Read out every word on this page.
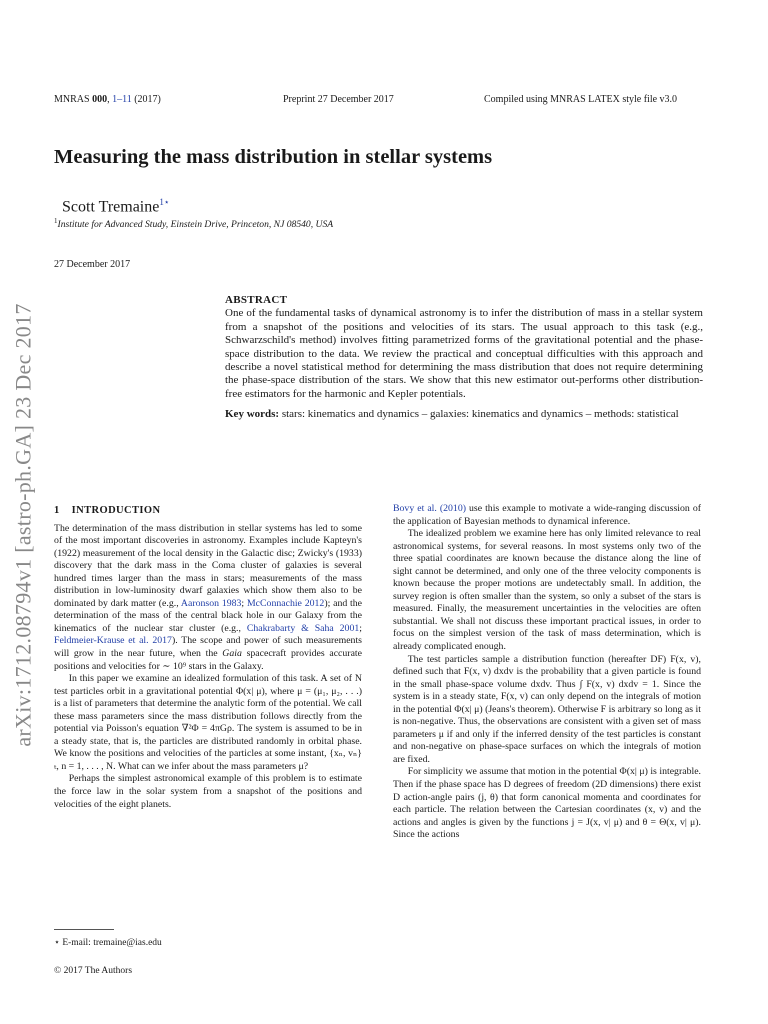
MNRAS 000, 1–11 (2017)	Preprint 27 December 2017	Compiled using MNRAS LATEX style file v3.0
Measuring the mass distribution in stellar systems
Scott Tremaine$^{1⋆}$
$^1$Institute for Advanced Study, Einstein Drive, Princeton, NJ 08540, USA
27 December 2017
arXiv:1712.08794v1 [astro-ph.GA] 23 Dec 2017
ABSTRACT

One of the fundamental tasks of dynamical astronomy is to infer the distribution of mass in a stellar system from a snapshot of the positions and velocities of its stars. The usual approach to this task (e.g., Schwarzschild's method) involves fitting parametrized forms of the gravitational potential and the phase-space distribution to the data. We review the practical and conceptual difficulties with this approach and describe a novel statistical method for determining the mass distribution that does not require determining the phase-space distribution of the stars. We show that this new estimator out-performs other distribution-free estimators for the harmonic and Kepler potentials.

Key words: stars: kinematics and dynamics – galaxies: kinematics and dynamics – methods: statistical

1 INTRODUCTION

The determination of the mass distribution in stellar systems has led to some of the most important discoveries in astronomy. Examples include Kapteyn's (1922) measurement of the local density in the Galactic disc; Zwicky's (1933) discovery that the dark mass in the Coma cluster of galaxies is several hundred times larger than the mass in stars; measurements of the mass distribution in low-luminosity dwarf galaxies which show them also to be dominated by dark matter (e.g., Aaronson 1983; McConnachie 2012); and the determination of the mass of the central black hole in our Galaxy from the kinematics of the nuclear star cluster (e.g., Chakrabarty & Saha 2001; Feldmeier-Krause et al. 2017). The scope and power of such measurements will grow in the near future, when the Gaia spacecraft provides accurate positions and velocities for ∼ 10⁹ stars in the Galaxy.

In this paper we examine an idealized formulation of this task. A set of N test particles orbit in a gravitational potential Φ(x| μ), where μ = (μ₁, μ₂, . . .) is a list of parameters that determine the analytic form of the potential. We call these mass parameters since the mass distribution follows directly from the potential via Poisson's equation ∇²Φ = 4πGρ. The system is assumed to be in a steady state, that is, the particles are distributed randomly in orbital phase. We know the positions and velocities of the particles at some instant, {xₙ, vₙ}ₜ, n = 1, . . . , N. What can we infer about the mass parameters μ?

Perhaps the simplest astronomical example of this problem is to estimate the force law in the solar system from a snapshot of the positions and velocities of the eight planets.

Bovy et al. (2010) use this example to motivate a wide-ranging discussion of the application of Bayesian methods to dynamical inference.

The idealized problem we examine here has only limited relevance to real astronomical systems, for several reasons. In most systems only two of the three spatial coordinates are known because the distance along the line of sight cannot be determined, and only one of the three velocity components is known because the proper motions are undetectably small. In addition, the survey region is often smaller than the system, so only a subset of the stars is measured. Finally, the measurement uncertainties in the velocities are often substantial. We shall not discuss these important practical issues, in order to focus on the simplest version of the task of mass determination, which is already complicated enough.

The test particles sample a distribution function (hereafter DF) F(x, v), defined such that F(x, v) dxdv is the probability that a given particle is found in the small phase-space volume dxdv. Thus ∫ F(x, v) dxdv = 1. Since the system is in a steady state, F(x, v) can only depend on the integrals of motion in the potential Φ(x| μ) (Jeans's theorem). Otherwise F is arbitrary so long as it is non-negative. Thus, the observations are consistent with a given set of mass parameters μ if and only if the inferred density of the test particles is constant and non-negative on phase-space surfaces on which the integrals of motion are fixed.

For simplicity we assume that motion in the potential Φ(x| μ) is integrable. Then if the phase space has D degrees of freedom (2D dimensions) there exist D action-angle pairs (j, θ) that form canonical momenta and coordinates for each particle. The relation between the Cartesian coordinates (x, v) and the actions and angles is given by the functions j = J(x, v| μ) and θ = Θ(x, v| μ). Since the actions

⋆ E-mail: tremaine@ias.edu
© 2017 The Authors
